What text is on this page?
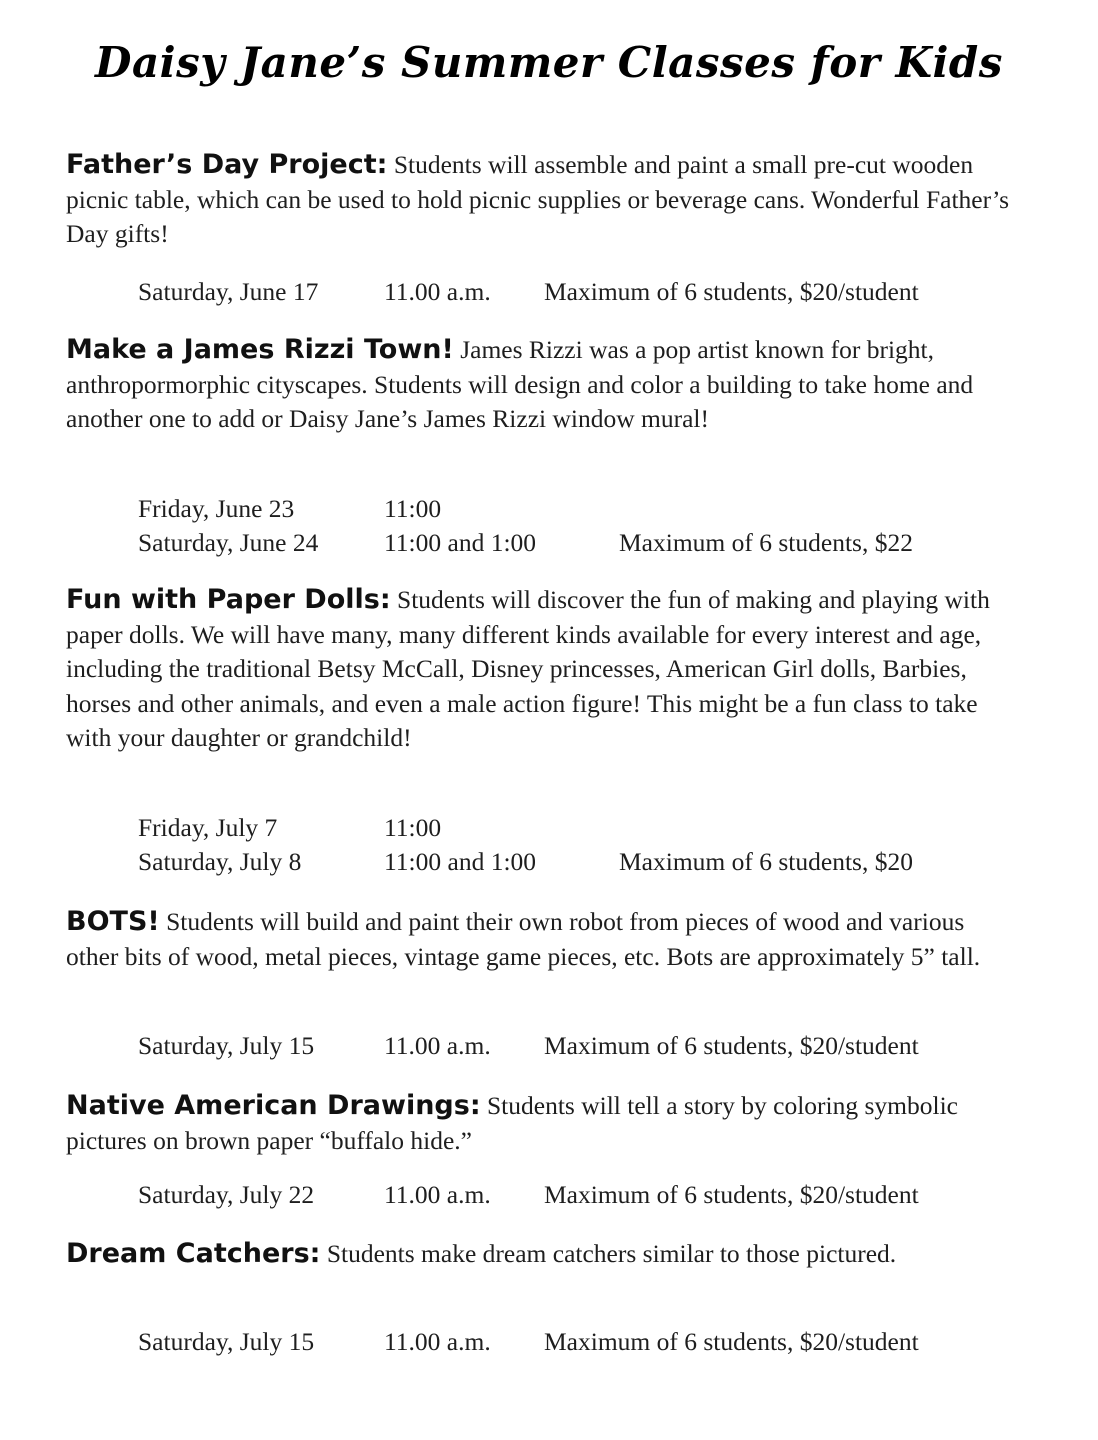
Daisy Jane’s Summer Classes for Kids

Father’s Day Project: Students will assemble and paint a small pre-cut wooden picnic table, which can be used to hold picnic supplies or beverage cans. Wonderful Father’s Day gifts!

Saturday, June 17	11.00 a.m. Maximum of 6 students, $20/student

Make a James Rizzi Town! James Rizzi was a pop artist known for bright, anthropormorphic cityscapes. Students will design and color a building to take home and another one to add or Daisy Jane’s James Rizzi window mural!

Friday, June 23	11:00
Saturday, June 24	11:00 and 1:00	Maximum of 6 students, $22

Fun with Paper Dolls: Students will discover the fun of making and playing with paper dolls. We will have many, many different kinds available for every interest and age, including the traditional Betsy McCall, Disney princesses, American Girl dolls, Barbies, horses and other animals, and even a male action figure! This might be a fun class to take with your daughter or grandchild!

Friday, July 7	11:00
Saturday, July 8	11:00 and 1:00	Maximum of 6 students, $20

BOTS! Students will build and paint their own robot from pieces of wood and various other bits of wood, metal pieces, vintage game pieces, etc. Bots are approximately 5” tall.

Saturday, July 15	11.00 a.m. Maximum of 6 students, $20/student

Native American Drawings: Students will tell a story by coloring symbolic pictures on brown paper “buffalo hide.”

Saturday, July 22	11.00 a.m. Maximum of 6 students, $20/student

Dream Catchers: Students make dream catchers similar to those pictured.

Saturday, July 15	11.00 a.m. Maximum of 6 students, $20/student
